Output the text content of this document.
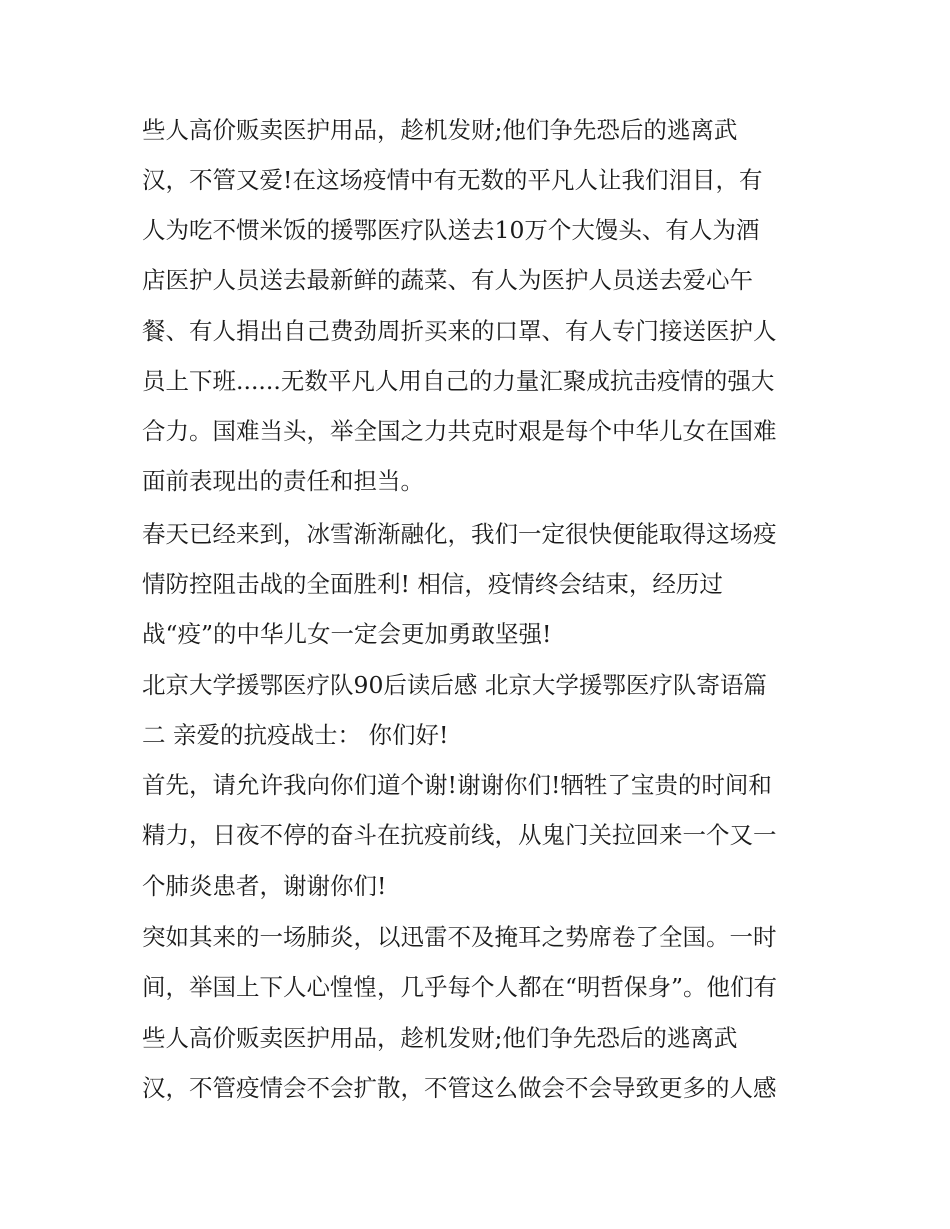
些人高价贩卖医护用品，趁机发财;他们争先恐后的逃离武
汉，不管又爱!在这场疫情中有无数的平凡人让我们泪目，有
人为吃不惯米饭的援鄂医疗队送去10万个大馒头、有人为酒
店医护人员送去最新鲜的蔬菜、有人为医护人员送去爱心午
餐、有人捐出自己费劲周折买来的口罩、有人专门接送医护人
员上下班......无数平凡人用自己的力量汇聚成抗击疫情的强大
合力。国难当头，举全国之力共克时艰是每个中华儿女在国难
面前表现出的责任和担当。
春天已经来到，冰雪渐渐融化，我们一定很快便能取得这场疫
情防控阻击战的全面胜利! 相信，疫情终会结束，经历过
战“疫”的中华儿女一定会更加勇敢坚强!
北京大学援鄂医疗队90后读后感 北京大学援鄂医疗队寄语篇
二 亲爱的抗疫战士： 你们好!
首先，请允许我向你们道个谢!谢谢你们!牺牲了宝贵的时间和
精力，日夜不停的奋斗在抗疫前线，从鬼门关拉回来一个又一
个肺炎患者，谢谢你们!
突如其来的一场肺炎，以迅雷不及掩耳之势席卷了全国。一时
间，举国上下人心惶惶，几乎每个人都在“明哲保身”。他们有
些人高价贩卖医护用品，趁机发财;他们争先恐后的逃离武
汉，不管疫情会不会扩散，不管这么做会不会导致更多的人感
